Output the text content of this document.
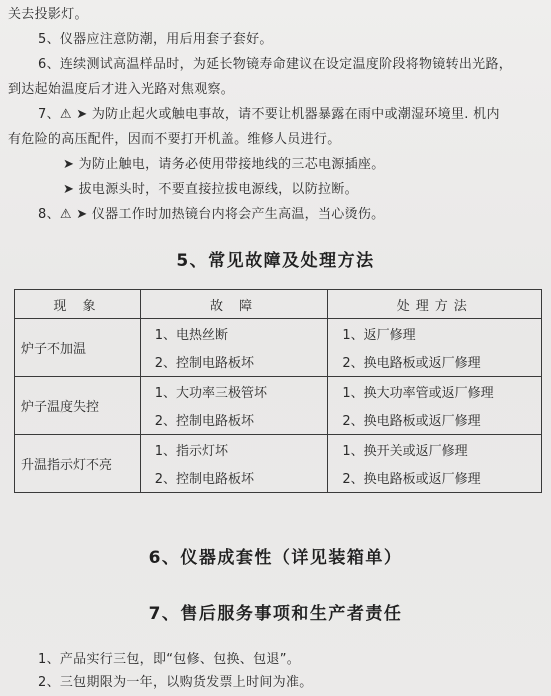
关去投影灯。
5、仪器应注意防潮，用后用套子套好。
6、连续测试高温样品时，为延长物镜寿命建议在设定温度阶段将物镜转出光路，
到达起始温度后才进入光路对焦观察。
7、⚠ ➤ 为防止起火或触电事故，请不要让机器暴露在雨中或潮湿环境里. 机内
有危险的高压配件，因而不要打开机盖。维修人员进行。
➤ 为防止触电，请务必使用带接地线的三芯电源插座。
➤ 拔电源头时，不要直接拉拔电源线，以防拉断。
8、⚠ ➤ 仪器工作时加热镜台内将会产生高温，当心烫伤。
5、常见故障及处理方法
现 象	故 障	处理方法
炉子不加温	1、电热丝断	1、返厂修理
	2、控制电路板坏	2、换电路板或返厂修理
炉子温度失控	1、大功率三极管坏	1、换大功率管或返厂修理
	2、控制电路板坏	2、换电路板或返厂修理
升温指示灯不亮	1、指示灯坏	1、换开关或返厂修理
	2、控制电路板坏	2、换电路板或返厂修理
6、仪器成套性（详见装箱单）
7、售后服务事项和生产者责任
1、产品实行三包，即“包修、包换、包退”。
2、三包期限为一年，以购货发票上时间为准。
